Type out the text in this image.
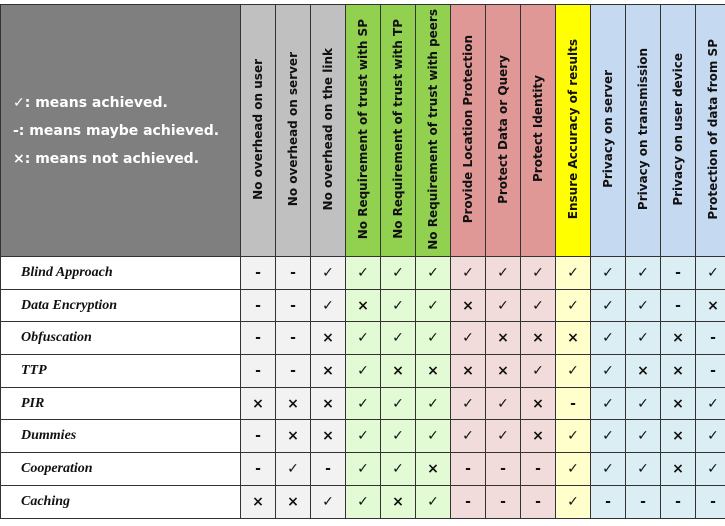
✓: means achieved.
-: means maybe achieved.
×: means not achieved.	No overhead on user	No overhead on server	No overhead on the link	No Requirement of trust with SP	No Requirement of trust with TP	No Requirement of trust with peers	Provide Location Protection	Protect Data or Query	Protect Identity	Ensure Accuracy of results	Privacy on server	Privacy on transmission	Privacy on user device	Protection of data from SP
Blind Approach	-	-	✓	✓	✓	✓	✓	✓	✓	✓	✓	✓	-	✓
Data Encryption	-	-	✓	×	✓	✓	×	✓	✓	✓	✓	✓	-	×
Obfuscation	-	-	×	✓	✓	✓	✓	×	×	×	✓	✓	×	-
TTP	-	-	×	✓	×	×	×	×	✓	✓	✓	×	×	-
PIR	×	×	×	✓	✓	✓	✓	✓	×	-	✓	✓	×	✓
Dummies	-	×	×	✓	✓	✓	✓	✓	×	✓	✓	✓	×	✓
Cooperation	-	✓	-	✓	✓	×	-	-	-	✓	✓	✓	×	✓
Caching	×	×	✓	✓	×	✓	-	-	-	✓	-	-	-	-
